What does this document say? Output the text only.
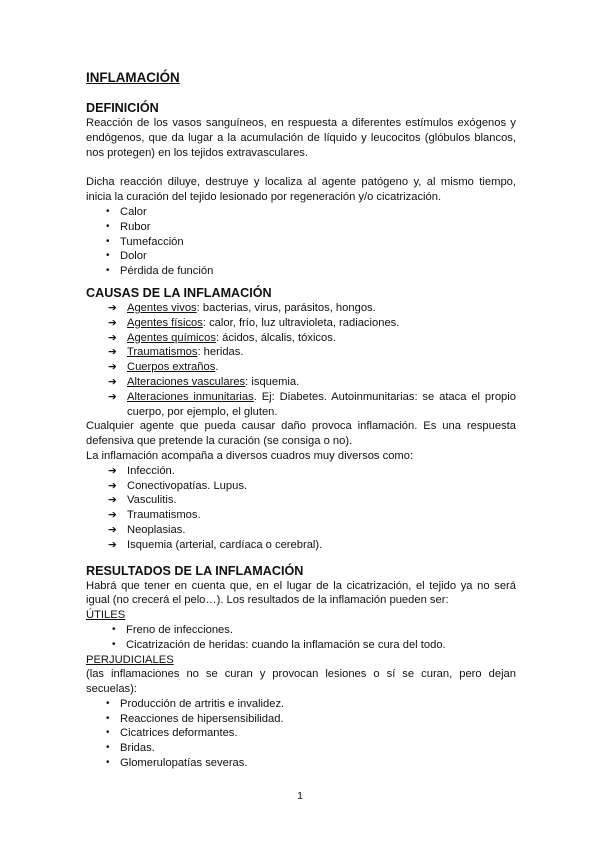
INFLAMACIÓN
DEFINICIÓN

Reacción de los vasos sanguíneos, en respuesta a diferentes estímulos exógenos y endógenos, que da lugar a la acumulación de líquido y leucocitos (glóbulos blancos, nos protegen) en los tejidos extravasculares.

Dicha reacción diluye, destruye y localiza al agente patógeno y, al mismo tiempo, inicia la curación del tejido lesionado por regeneración y/o cicatrización.

• Calor
• Rubor
• Tumefacción
• Dolor
• Pérdida de función
CAUSAS DE LA INFLAMACIÓN
➔ Agentes vivos: bacterias, virus, parásitos, hongos.
➔ Agentes físicos: calor, frío, luz ultravioleta, radiaciones.
➔ Agentes químicos: ácidos, álcalis, tóxicos.
➔ Traumatismos: heridas.
➔ Cuerpos extraños.
➔ Alteraciones vasculares: isquemia.
➔ Alteraciones inmunitarias. Ej: Diabetes. Autoinmunitarias: se ataca el propio cuerpo, por ejemplo, el gluten.

Cualquier agente que pueda causar daño provoca inflamación. Es una respuesta defensiva que pretende la curación (se consiga o no).

La inflamación acompaña a diversos cuadros muy diversos como:

➔ Infección.
➔ Conectivopatías. Lupus.
➔ Vasculitis.
➔ Traumatismos.
➔ Neoplasias.
➔ Isquemia (arterial, cardíaca o cerebral).
RESULTADOS DE LA INFLAMACIÓN

Habrá que tener en cuenta que, en el lugar de la cicatrización, el tejido ya no será igual (no crecerá el pelo…). Los resultados de la inflamación pueden ser:

ÚTILES

• Freno de infecciones.
• Cicatrización de heridas: cuando la inflamación se cura del todo.

PERJUDICIALES

(las inflamaciones no se curan y provocan lesiones o sí se curan, pero dejan secuelas):

• Producción de artritis e invalidez.
• Reacciones de hipersensibilidad.
• Cicatrices deformantes.
• Bridas.
• Glomerulopatías severas.
1
